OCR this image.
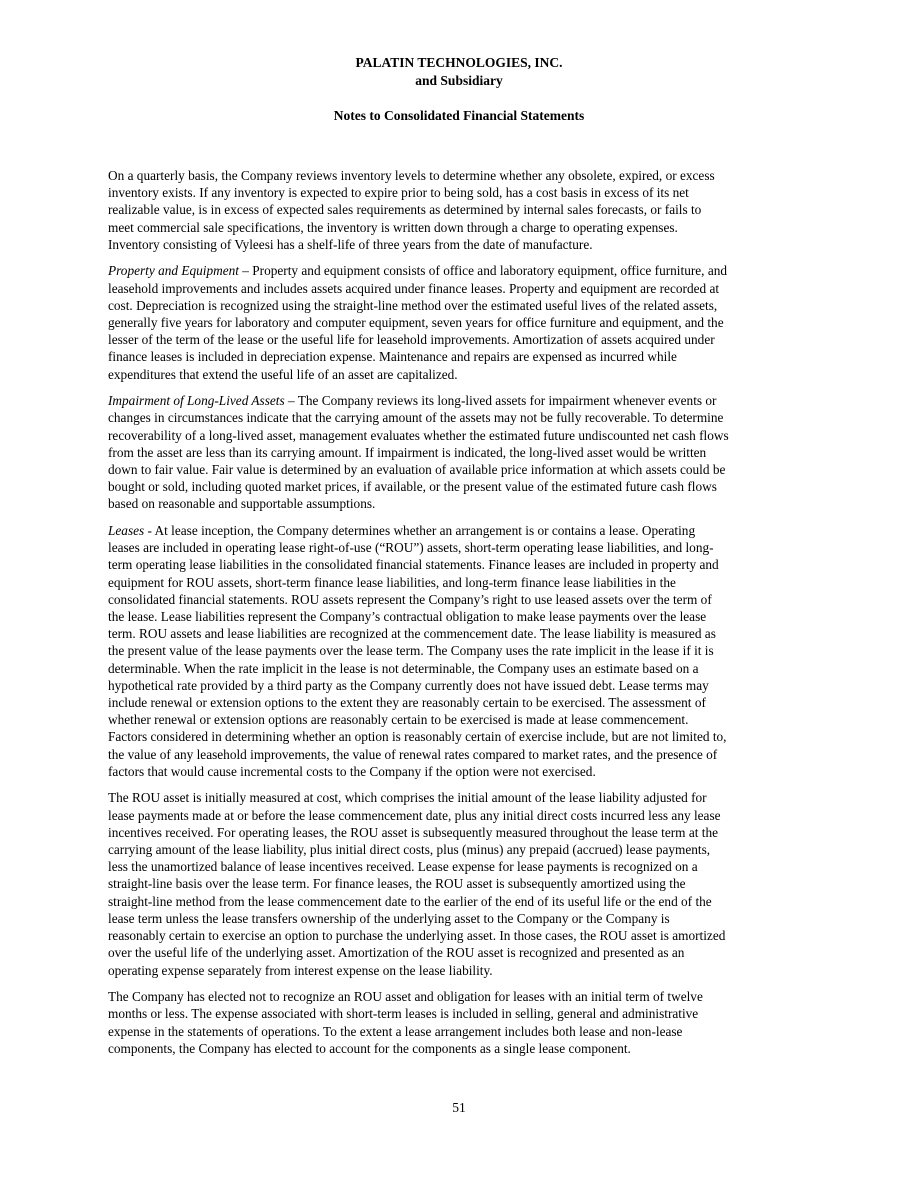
PALATIN TECHNOLOGIES, INC.
and Subsidiary
Notes to Consolidated Financial Statements

On a quarterly basis, the Company reviews inventory levels to determine whether any obsolete, expired, or excess
inventory exists. If any inventory is expected to expire prior to being sold, has a cost basis in excess of its net
realizable value, is in excess of expected sales requirements as determined by internal sales forecasts, or fails to
meet commercial sale specifications, the inventory is written down through a charge to operating expenses.
Inventory consisting of Vyleesi has a shelf-life of three years from the date of manufacture.

Property and Equipment – Property and equipment consists of office and laboratory equipment, office furniture, and
leasehold improvements and includes assets acquired under finance leases. Property and equipment are recorded at
cost. Depreciation is recognized using the straight-line method over the estimated useful lives of the related assets,
generally five years for laboratory and computer equipment, seven years for office furniture and equipment, and the
lesser of the term of the lease or the useful life for leasehold improvements. Amortization of assets acquired under
finance leases is included in depreciation expense. Maintenance and repairs are expensed as incurred while
expenditures that extend the useful life of an asset are capitalized.

Impairment of Long-Lived Assets – The Company reviews its long-lived assets for impairment whenever events or
changes in circumstances indicate that the carrying amount of the assets may not be fully recoverable. To determine
recoverability of a long-lived asset, management evaluates whether the estimated future undiscounted net cash flows
from the asset are less than its carrying amount. If impairment is indicated, the long-lived asset would be written
down to fair value. Fair value is determined by an evaluation of available price information at which assets could be
bought or sold, including quoted market prices, if available, or the present value of the estimated future cash flows
based on reasonable and supportable assumptions.

Leases - At lease inception, the Company determines whether an arrangement is or contains a lease. Operating
leases are included in operating lease right-of-use (“ROU”) assets, short-term operating lease liabilities, and long-
term operating lease liabilities in the consolidated financial statements. Finance leases are included in property and
equipment for ROU assets, short-term finance lease liabilities, and long-term finance lease liabilities in the
consolidated financial statements. ROU assets represent the Company’s right to use leased assets over the term of
the lease. Lease liabilities represent the Company’s contractual obligation to make lease payments over the lease
term. ROU assets and lease liabilities are recognized at the commencement date. The lease liability is measured as
the present value of the lease payments over the lease term. The Company uses the rate implicit in the lease if it is
determinable. When the rate implicit in the lease is not determinable, the Company uses an estimate based on a
hypothetical rate provided by a third party as the Company currently does not have issued debt. Lease terms may
include renewal or extension options to the extent they are reasonably certain to be exercised. The assessment of
whether renewal or extension options are reasonably certain to be exercised is made at lease commencement.
Factors considered in determining whether an option is reasonably certain of exercise include, but are not limited to,
the value of any leasehold improvements, the value of renewal rates compared to market rates, and the presence of
factors that would cause incremental costs to the Company if the option were not exercised.

The ROU asset is initially measured at cost, which comprises the initial amount of the lease liability adjusted for
lease payments made at or before the lease commencement date, plus any initial direct costs incurred less any lease
incentives received. For operating leases, the ROU asset is subsequently measured throughout the lease term at the
carrying amount of the lease liability, plus initial direct costs, plus (minus) any prepaid (accrued) lease payments,
less the unamortized balance of lease incentives received. Lease expense for lease payments is recognized on a
straight-line basis over the lease term. For finance leases, the ROU asset is subsequently amortized using the
straight-line method from the lease commencement date to the earlier of the end of its useful life or the end of the
lease term unless the lease transfers ownership of the underlying asset to the Company or the Company is
reasonably certain to exercise an option to purchase the underlying asset. In those cases, the ROU asset is amortized
over the useful life of the underlying asset. Amortization of the ROU asset is recognized and presented as an
operating expense separately from interest expense on the lease liability.

The Company has elected not to recognize an ROU asset and obligation for leases with an initial term of twelve
months or less. The expense associated with short-term leases is included in selling, general and administrative
expense in the statements of operations. To the extent a lease arrangement includes both lease and non-lease
components, the Company has elected to account for the components as a single lease component.

51
